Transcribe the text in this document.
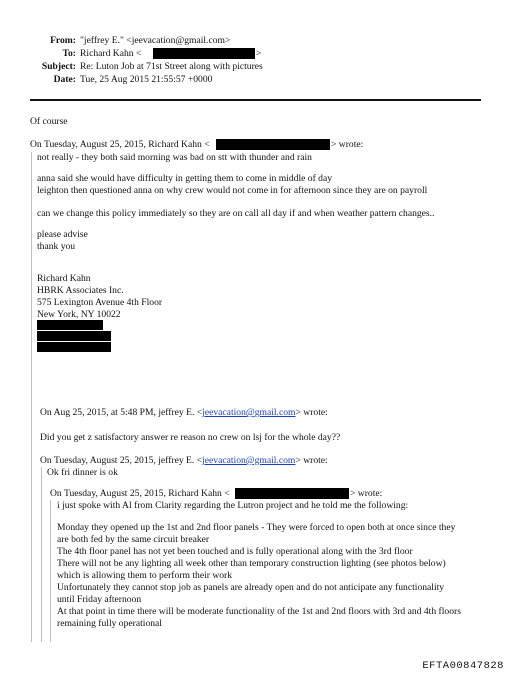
From: "jeffrey E." <jeevacation@gmail.com>
To: Richard Kahn <	>
Subject: Re: Luton Job at 71st Street along with pictures
Date: Tue, 25 Aug 2015 21:55:57 +0000
Of course
On Tuesday, August 25, 2015, Richard Kahn <	> wrote:
not really - they both said morning was bad on stt with thunder and rain
anna said she would have difficulty in getting them to come in middle of day
leighton then questioned anna on why crew would not come in for afternoon since they are on payroll
can we change this policy immediately so they are on call all day if and when weather pattern changes..
please advise
thank you
Richard Kahn
HBRK Associates Inc.
575 Lexington Avenue 4th Floor
New York, NY 10022
On Aug 25, 2015, at 5:48 PM, jeffrey E. <jeevacation@gmail.com> wrote:
Did you get z satisfactory answer re reason no crew on lsj for the whole day??
On Tuesday, August 25, 2015, jeffrey E. <jeevacation@gmail.com> wrote:
Ok fri dinner is ok
On Tuesday, August 25, 2015, Richard Kahn <	> wrote:
i just spoke with Al from Clarity regarding the Lutron project and he told me the following:
Monday they opened up the 1st and 2nd floor panels - They were forced to open both at once since they
are both fed by the same circuit breaker
The 4th floor panel has not yet been touched and is fully operational along with the 3rd floor
There will not be any lighting all week other than temporary construction lighting (see photos below)
which is allowing them to perform their work
Unfortunately they cannot stop job as panels are already open and do not anticipate any functionality
until Friday afternoon
At that point in time there will be moderate functionality of the 1st and 2nd floors with 3rd and 4th floors
remaining fully operational
EFTA00847828
